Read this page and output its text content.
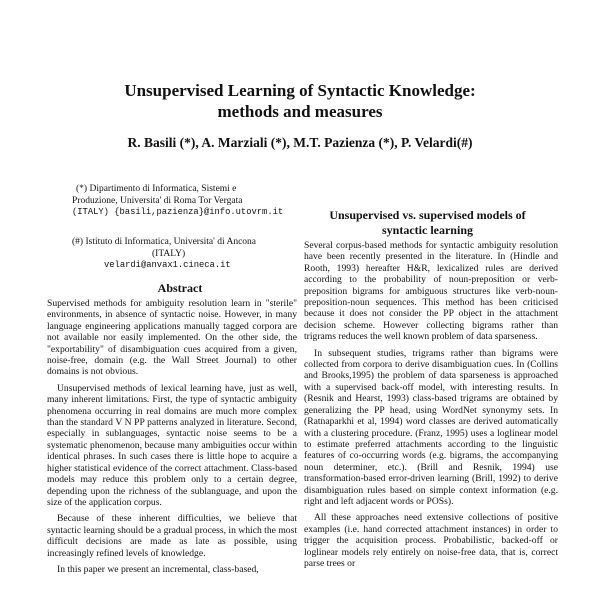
Unsupervised Learning of Syntactic Knowledge:
methods and measures
R. Basili (*), A. Marziali (*), M.T. Pazienza (*), P. Velardi(#)
(*) Dipartimento di Informatica, Sistemi e
Produzione, Universita' di Roma Tor Vergata
(ITALY) {basili,pazienza}@info.utovrm.it
(#) Istituto di Informatica, Universita' di Ancona
(ITALY)
velardi@anvax1.cineca.it
Abstract

Supervised methods for ambiguity resolution learn in "sterile" environments, in absence of syntactic noise. However, in many language engineering applications manually tagged corpora are not available nor easily implemented. On the other side, the "exportability" of disambiguation cues acquired from a given, noise-free, domain (e.g. the Wall Street Journal) to other domains is not obvious.

Unsupervised methods of lexical learning have, just as well, many inherent limitations. First, the type of syntactic ambiguity phenomena occurring in real domains are much more complex than the standard V N PP patterns analyzed in literature. Second, especially in sublanguages, syntactic noise seems to be a systematic phenomenon, because many ambiguities occur within identical phrases. In such cases there is little hope to acquire a higher statistical evidence of the correct attachment. Class-based models may reduce this problem only to a certain degree, depending upon the richness of the sublanguage, and upon the size of the application corpus.

Because of these inherent difficulties, we believe that syntactic learning should be a gradual process, in which the most difficult decisions are made as late as possible, using increasingly refined levels of knowledge.

In this paper we present an incremental, class-based,

Unsupervised vs. supervised models of
syntactic learning

Several corpus-based methods for syntactic ambiguity resolution have been recently presented in the literature. In (Hindle and Rooth, 1993) hereafter H&R, lexicalized rules are derived according to the probability of noun-preposition or verb-preposition bigrams for ambiguous structures like verb-noun-preposition-noun sequences. This method has been criticised because it does not consider the PP object in the attachment decision scheme. However collecting bigrams rather than trigrams reduces the well known problem of data sparseness.

In subsequent studies, trigrams rather than bigrams were collected from corpora to derive disambiguation cues. In (Collins and Brooks,1995) the problem of data sparseness is approached with a supervised back-off model, with interesting results. In (Resnik and Hearst, 1993) class-based trigrams are obtained by generalizing the PP head, using WordNet synonymy sets. In (Ratnaparkhi et al, 1994) word classes are derived automatically with a clustering procedure. (Franz, 1995) uses a loglinear model to estimate preferred attachments according to the linguistic features of co-occurring words (e.g. bigrams, the accompanying noun determiner, etc.). (Brill and Resnik, 1994) use transformation-based error-driven learning (Brill, 1992) to derive disambiguation rules based on simple context information (e.g. right and left adjacent words or POSs).

All these approaches need extensive collections of positive examples (i.e. hand corrected attachment instances) in order to trigger the acquisition process. Probabilistic, backed-off or loglinear models rely entirely on noise-free data, that is, correct parse trees or
